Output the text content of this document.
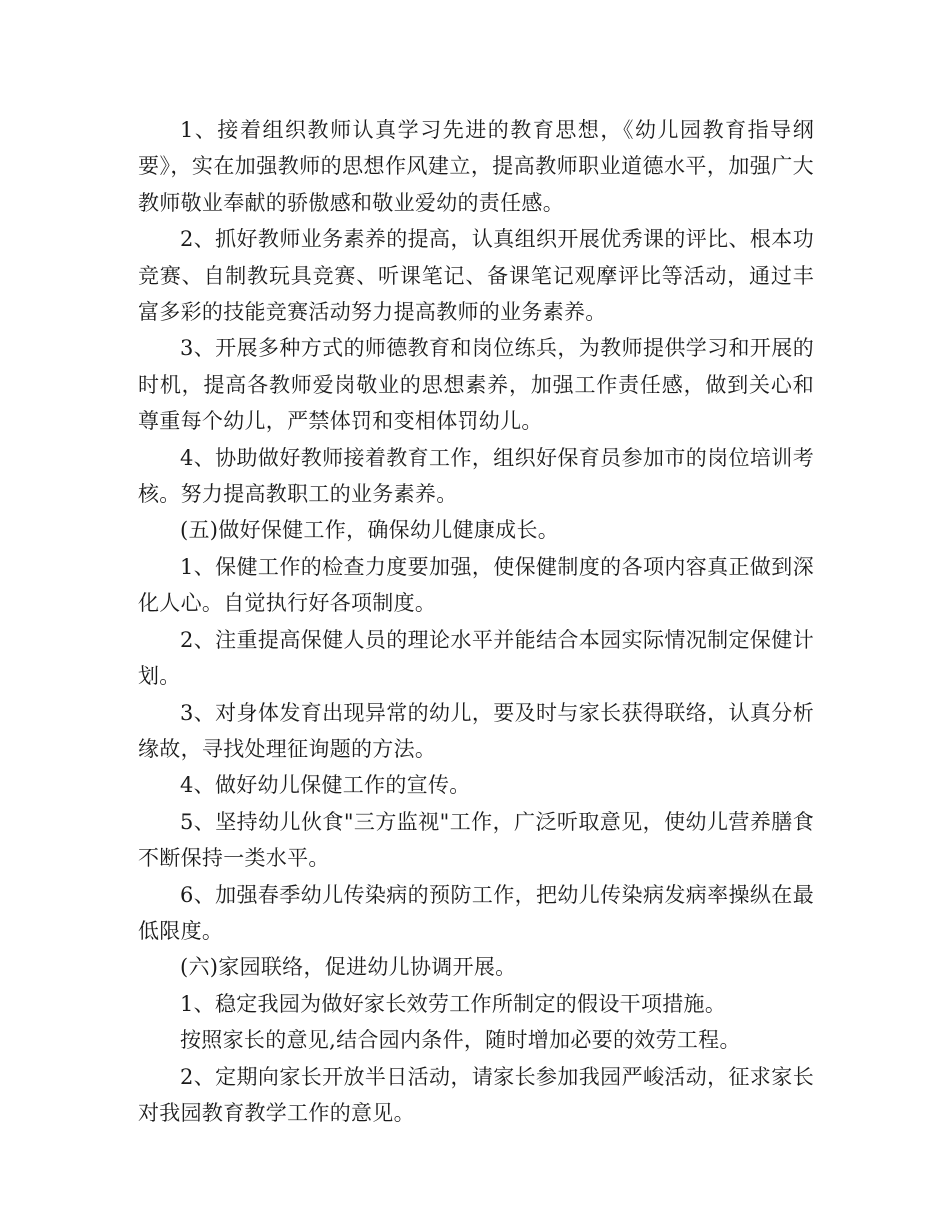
1、接着组织教师认真学习先进的教育思想，《幼儿园教育指导纲要》，实在加强教师的思想作风建立，提高教师职业道德水平，加强广大教师敬业奉献的骄傲感和敬业爱幼的责任感。

2、抓好教师业务素养的提高，认真组织开展优秀课的评比、根本功竞赛、自制教玩具竞赛、听课笔记、备课笔记观摩评比等活动，通过丰富多彩的技能竞赛活动努力提高教师的业务素养。

3、开展多种方式的师德教育和岗位练兵，为教师提供学习和开展的时机，提高各教师爱岗敬业的思想素养，加强工作责任感，做到关心和尊重每个幼儿，严禁体罚和变相体罚幼儿。

4、协助做好教师接着教育工作，组织好保育员参加市的岗位培训考核。努力提高教职工的业务素养。

(五)做好保健工作，确保幼儿健康成长。

1、保健工作的检查力度要加强，使保健制度的各项内容真正做到深化人心。自觉执行好各项制度。

2、注重提高保健人员的理论水平并能结合本园实际情况制定保健计划。

3、对身体发育出现异常的幼儿，要及时与家长获得联络，认真分析缘故，寻找处理征询题的方法。

4、做好幼儿保健工作的宣传。

5、坚持幼儿伙食"三方监视"工作，广泛听取意见，使幼儿营养膳食不断保持一类水平。

6、加强春季幼儿传染病的预防工作，把幼儿传染病发病率操纵在最低限度。

(六)家园联络，促进幼儿协调开展。

1、稳定我园为做好家长效劳工作所制定的假设干项措施。

按照家长的意见,结合园内条件，随时增加必要的效劳工程。

2、定期向家长开放半日活动，请家长参加我园严峻活动，征求家长对我园教育教学工作的意见。
